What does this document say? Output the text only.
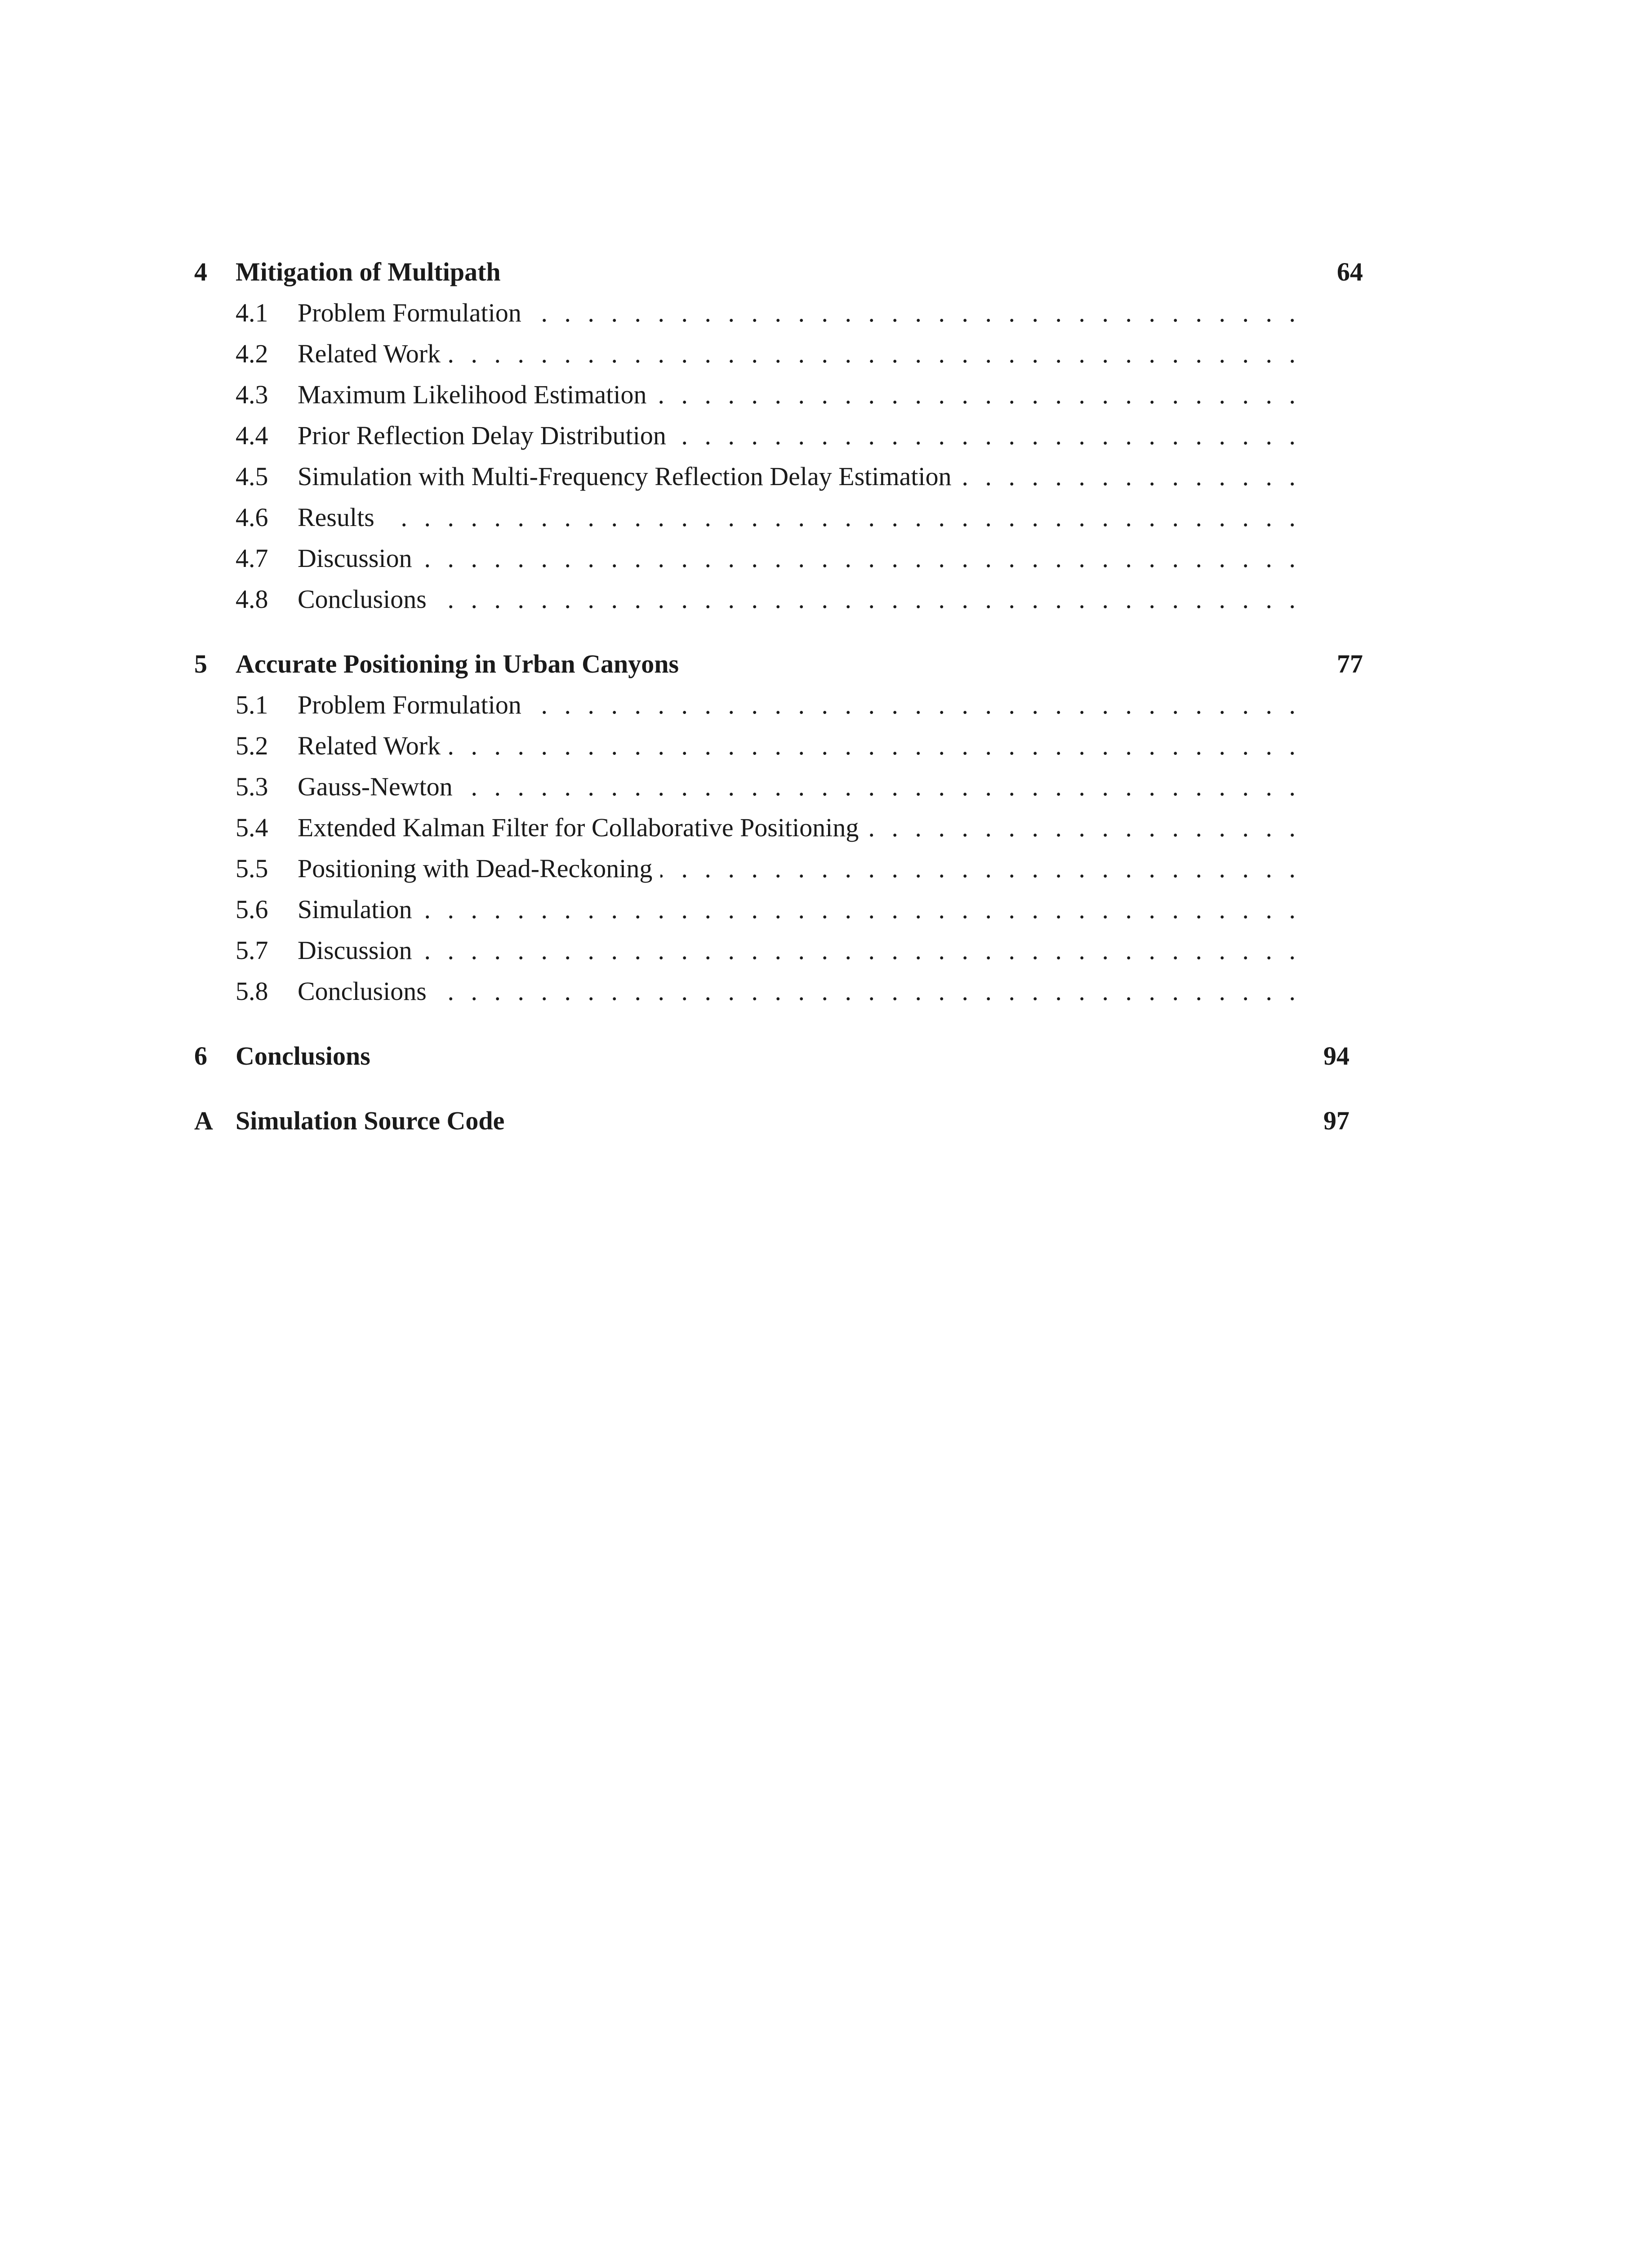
4 Mitigation of Multipath	64
4.1 Problem Formulation
. . .
4.2 Related Work
. . .
4.3 Maximum Likelihood Estimation
. . .
4.4 Prior Reflection Delay Distribution
. . .
4.5 Simulation with Multi-Frequency Reflection Delay Estimation
. . .
4.6 Results
. . .
4.7 Discussion
. . .
4.8 Conclusions
. . .
5 Accurate Positioning in Urban Canyons	77
5.1 Problem Formulation
. . .
5.2 Related Work
. . .
5.3 Gauss-Newton
. . .
5.4 Extended Kalman Filter for Collaborative Positioning
. . .
5.5 Positioning with Dead-Reckoning
. . .
5.6 Simulation
. . .
5.7 Discussion
. . .
5.8 Conclusions
. . .
6 Conclusions	94
A Simulation Source Code	97
